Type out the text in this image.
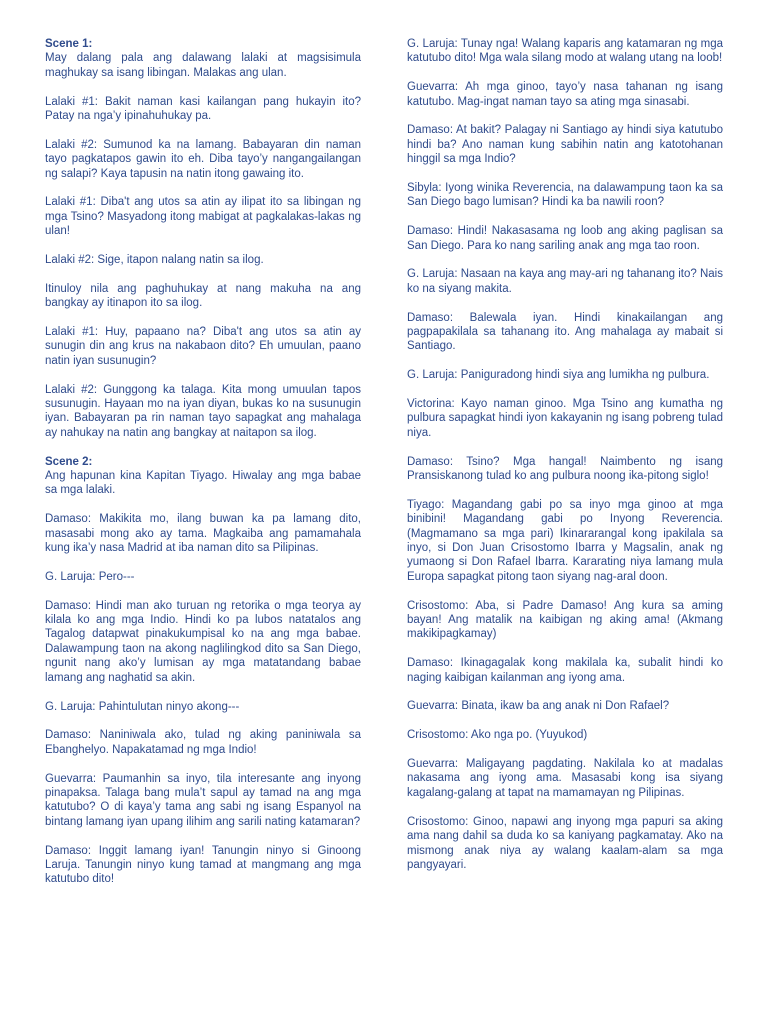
Scene 1:
May dalang pala ang dalawang lalaki at magsisimula maghukay sa isang libingan. Malakas ang ulan.

Lalaki #1: Bakit naman kasi kailangan pang hukayin ito? Patay na nga’y ipinahuhukay pa.

Lalaki #2: Sumunod ka na lamang. Babayaran din naman tayo pagkatapos gawin ito eh. Diba tayo’y nangangailangan ng salapi? Kaya tapusin na natin itong gawaing ito.

Lalaki #1: Diba't ang utos sa atin ay ilipat ito sa libingan ng mga Tsino? Masyadong itong mabigat at pagkalakas-lakas ng ulan!

Lalaki #2: Sige, itapon nalang natin sa ilog.

Itinuloy nila ang paghuhukay at nang makuha na ang bangkay ay itinapon ito sa ilog.

Lalaki #1: Huy, papaano na? Diba't ang utos sa atin ay sunugin din ang krus na nakabaon dito? Eh umuulan, paano natin iyan susunugin?

Lalaki #2: Gunggong ka talaga. Kita mong umuulan tapos susunugin. Hayaan mo na iyan diyan, bukas ko na susunugin iyan. Babayaran pa rin naman tayo sapagkat ang mahalaga ay nahukay na natin ang bangkay at naitapon sa ilog.

Scene 2:
Ang hapunan kina Kapitan Tiyago. Hiwalay ang mga babae sa mga lalaki.

Damaso: Makikita mo, ilang buwan ka pa lamang dito, masasabi mong ako ay tama. Magkaiba ang pamamahala kung ika’y nasa Madrid at iba naman dito sa Pilipinas.

G. Laruja: Pero---

Damaso: Hindi man ako turuan ng retorika o mga teorya ay kilala ko ang mga Indio. Hindi ko pa lubos natatalos ang Tagalog datapwat pinakukumpisal ko na ang mga babae. Dalawampung taon na akong naglilingkod dito sa San Diego, ngunit nang ako’y lumisan ay mga matatandang babae lamang ang naghatid sa akin.

G. Laruja: Pahintulutan ninyo akong---

Damaso: Naniniwala ako, tulad ng aking paniniwala sa Ebanghelyo. Napakatamad ng mga Indio!

Guevarra: Paumanhin sa inyo, tila interesante ang inyong pinapaksa. Talaga bang mula’t sapul ay tamad na ang mga katutubo? O di kaya’y tama ang sabi ng isang Espanyol na bintang lamang iyan upang ilihim ang sarili nating katamaran?

Damaso: Inggit lamang iyan! Tanungin ninyo si Ginoong Laruja. Tanungin ninyo kung tamad at mangmang ang mga katutubo dito!

G. Laruja: Tunay nga! Walang kaparis ang katamaran ng mga katutubo dito! Mga wala silang modo at walang utang na loob!

Guevarra: Ah mga ginoo, tayo’y nasa tahanan ng isang katutubo. Mag-ingat naman tayo sa ating mga sinasabi.

Damaso: At bakit? Palagay ni Santiago ay hindi siya katutubo hindi ba? Ano naman kung sabihin natin ang katotohanan hinggil sa mga Indio?

Sibyla: Iyong winika Reverencia, na dalawampung taon ka sa San Diego bago lumisan? Hindi ka ba nawili roon?

Damaso: Hindi! Nakasasama ng loob ang aking paglisan sa San Diego. Para ko nang sariling anak ang mga tao roon.

G. Laruja: Nasaan na kaya ang may-ari ng tahanang ito? Nais ko na siyang makita.

Damaso: Balewala iyan. Hindi kinakailangan ang pagpapakilala sa tahanang ito. Ang mahalaga ay mabait si Santiago.

G. Laruja: Paniguradong hindi siya ang lumikha ng pulbura.

Victorina: Kayo naman ginoo. Mga Tsino ang kumatha ng pulbura sapagkat hindi iyon kakayanin ng isang pobreng tulad niya.

Damaso: Tsino? Mga hangal! Naimbento ng isang Pransiskanong tulad ko ang pulbura noong ika-pitong siglo!

Tiyago: Magandang gabi po sa inyo mga ginoo at mga binibini! Magandang gabi po Inyong Reverencia. (Magmamano sa mga pari) Ikinararangal kong ipakilala sa inyo, si Don Juan Crisostomo Ibarra y Magsalin, anak ng yumaong si Don Rafael Ibarra. Kararating niya lamang mula Europa sapagkat pitong taon siyang nag-aral doon.

Crisostomo: Aba, si Padre Damaso! Ang kura sa aming bayan! Ang matalik na kaibigan ng aking ama! (Akmang makikipagkamay)

Damaso: Ikinagagalak kong makilala ka, subalit hindi ko naging kaibigan kailanman ang iyong ama.

Guevarra: Binata, ikaw ba ang anak ni Don Rafael?

Crisostomo: Ako nga po. (Yuyukod)

Guevarra: Maligayang pagdating. Nakilala ko at madalas nakasama ang iyong ama. Masasabi kong isa siyang kagalang-galang at tapat na mamamayan ng Pilipinas.

Crisostomo: Ginoo, napawi ang inyong mga papuri sa aking ama nang dahil sa duda ko sa kaniyang pagkamatay. Ako na mismong anak niya ay walang kaalam-alam sa mga pangyayari.
